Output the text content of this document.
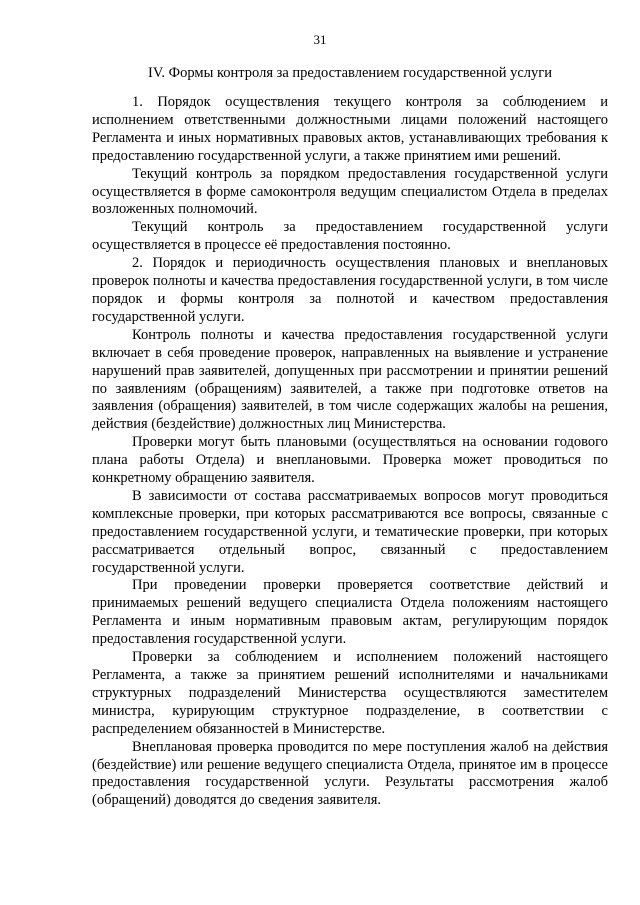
31
IV. Формы контроля за предоставлением государственной услуги

1. Порядок осуществления текущего контроля за соблюдением и исполнением ответственными должностными лицами положений настоящего Регламента и иных нормативных правовых актов, устанавливающих требования к предоставлению государственной услуги, а также принятием ими решений.

Текущий контроль за порядком предоставления государственной услуги осуществляется в форме самоконтроля ведущим специалистом Отдела в пределах возложенных полномочий.

Текущий контроль за предоставлением государственной услуги осуществляется в процессе её предоставления постоянно.

2. Порядок и периодичность осуществления плановых и внеплановых проверок полноты и качества предоставления государственной услуги, в том числе порядок и формы контроля за полнотой и качеством предоставления государственной услуги.

Контроль полноты и качества предоставления государственной услуги включает в себя проведение проверок, направленных на выявление и устранение нарушений прав заявителей, допущенных при рассмотрении и принятии решений по заявлениям (обращениям) заявителей, а также при подготовке ответов на заявления (обращения) заявителей, в том числе содержащих жалобы на решения, действия (бездействие) должностных лиц Министерства.

Проверки могут быть плановыми (осуществляться на основании годового плана работы Отдела) и внеплановыми. Проверка может проводиться по конкретному обращению заявителя.

В зависимости от состава рассматриваемых вопросов могут проводиться комплексные проверки, при которых рассматриваются все вопросы, связанные с предоставлением государственной услуги, и тематические проверки, при которых рассматривается отдельный вопрос, связанный с предоставлением государственной услуги.

При проведении проверки проверяется соответствие действий и принимаемых решений ведущего специалиста Отдела положениям настоящего Регламента и иным нормативным правовым актам, регулирующим порядок предоставления государственной услуги.

Проверки за соблюдением и исполнением положений настоящего Регламента, а также за принятием решений исполнителями и начальниками структурных подразделений Министерства осуществляются заместителем министра, курирующим структурное подразделение, в соответствии с распределением обязанностей в Министерстве.

Внеплановая проверка проводится по мере поступления жалоб на действия (бездействие) или решение ведущего специалиста Отдела, принятое им в процессе предоставления государственной услуги. Результаты рассмотрения жалоб (обращений) доводятся до сведения заявителя.
